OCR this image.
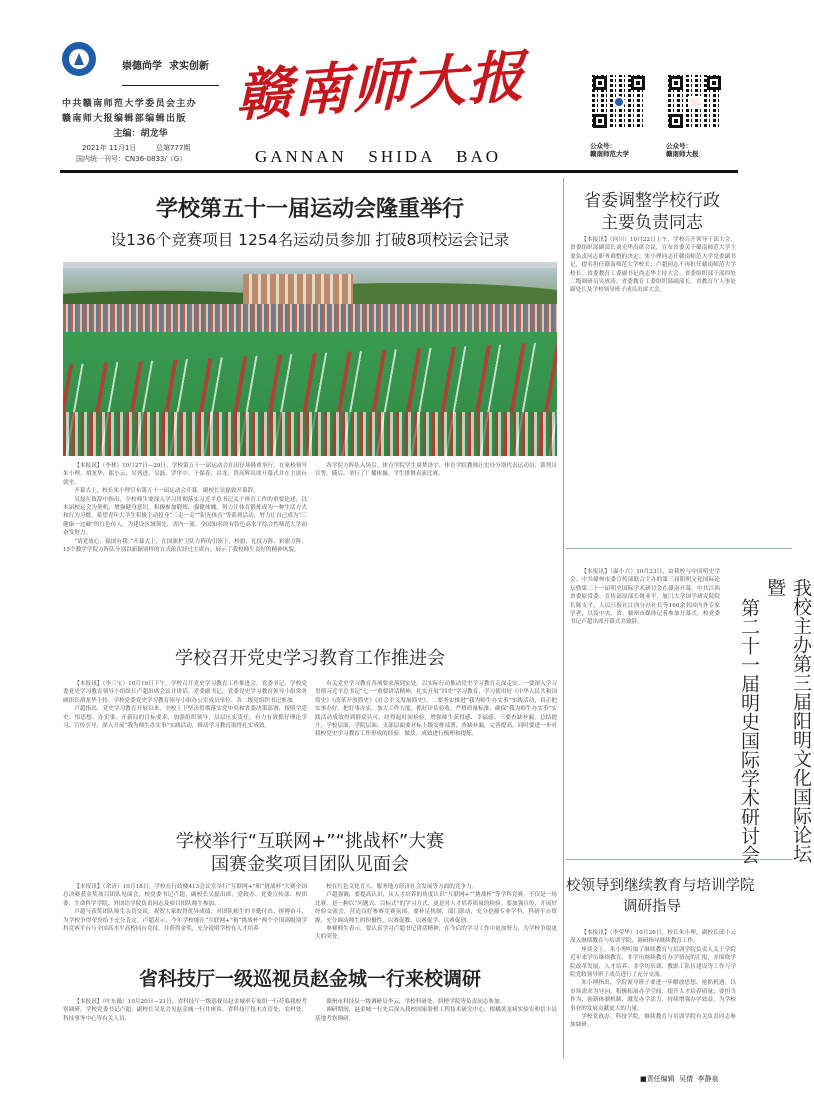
崇德尚学  求实创新
中共赣南师范大学委员会主办
赣南师大报编辑部编辑出版
主编：胡龙华
2021年 11月1日	总第777期
国内统一刊号：CN36-0833/（G）
赣南师大报
GANNAN   SHIDA   BAO
公众号：
赣南师范大学
公众号：
赣南师大报
学校第五十一届运动会隆重举行
设136个竞赛项目 1254名运动员参加 打破8项校运会记录

【本报讯】（李林）10月27日—29日，学校第五十一届运动会在田径场隆重举行。在家校领导朱小理、胡龙华、郎小云、吴列进、吴磊、罗序中、于保春、昌龙、曾高辉出席开幕式并在主席台就坐。

开幕式上，校长朱小理宣布第五十一届运动会开幕。副校长吴磊致开幕辞。

吴磊在致辞中指出，全校师生要深入学习贯彻落实习近平总书记关于体育工作的重要论述，以本届校运会为契机，增强健身意识，积极参加锻炼，强健体魄，努力让体育锻炼成为一种生活方式和行为习惯。希望青年大学生积极主动投身“三走一走”“阳光体育”等系列活动，努力让自己成为“三健康一过硬”的红色传人，为建设区域领先、省内一流、全国知名的有特色高水平综合性师范大学而奋发努力。

“请党放心，强国有我。”开幕式上，在国旗护卫队方阵的引领下，校旗、礼仪方阵、彩旗方阵、15个数学学院方阵队分别以新颖别样的方式依次经过主席台，展示了我校师生良好的精神风貌。

各学院方阵队入场后，体育学院学生周梦泽宇、体育学院教师汪宏玲分别代表运动员、裁判员宣誓。随后，举行了广播体操、学生排舞表演比赛。

学校召开党史学习教育工作推进会

【本报讯】（李三宝）10月19日下午，学校召开党史学习教育工作推进会。党委书记、学校党委党史学习教育领导小组组长卢超出席会议并讲话。党委副书记、党委党史学习教育领导小组常务副组长胡龙华主持。学校党委党史学习教育领导小组办公室成员单位、各二级党组织书记参加。

卢超指出，党史学习教育开展以来，全校上下坚决贯彻落实党中央和省委决策部署，按照学党史、悟思想、办实事、开新局的目标要求，加强组织领导，层层压实责任，有力有效抓好理论学习、宣传引导，深入开展“我为师生办实事”实践活动，推动学习教育取得扎实成效。

有关党史学习教育各项要求落到实处，以实际行动推动党史学习教育走深走实。一要深入学习贯彻习近平总书记“七一”重要讲话精神，扎实开展“四史”学习教育，学习使用好《中华人民共和国简史》《改革开放简史》《社会主义发展简史》。二要务实推进“我为师生办实事”实践活动，真正把实事办好、把好事办实。加大工作力度，抓好评估验收，严格质量标准，确保“我为师生办实事”实践活动成效得到群众认可、经得起时间检验，增强师生获得感、幸福感。三要查缺补漏，总结提升，学校层面、学院层面、支部层面要对标上级安排部署，查缺补漏，完善提高，同时要进一步对我校党史学习教育工作形成的经验、做法、成效进行梳理和提炼。

学校举行“互联网+”“挑战杯”大赛
国赛金奖项目团队见面会

【本报讯】（余济）10月18日，学校在行政楼413会议室举行“互联网+”和“挑战杯”大赛全国总决赛获金奖项目团队见面会，校党委书记卢超，副校长吴磊出席，党政办、党委宣传部、校团委、生命科学学院、外国语学院负责同志及项目团队师生参加。

卢超与获奖团队师生亲切交谈，祝贺大家取得优异成绩，对团队师生的辛勤付出、拼搏奋斗，为学校争得荣誉给予充分肯定。卢超表示，今年学校能在“互联网+”和“挑战杯”两个全国高级别学科竞赛平台与全国高水平高校同台竞技，并获得金奖，充分说明学校在人才培养

校在红色文化育人、服务地方经济社会发展等方面的竞争力。

卢超强调，要提高认识，从人才培养的角度认识“互联网+”“挑战杯”等学科竞赛，不仅是一场比赛，是一种以“问题式、目标式”的学习方式，更是对人才培养质量的检验。要加强宣传，开展好经验交流会，营造良好参赛竞赛氛围，要补足机制，部门联动，充分挖掘专业学科、科研平台资源，充分调动师生的积极性，以赛促教、以赛促学、以赛促创。

参赛师生表示，要认真学习卢超书记讲话精神，在今后的学习工作中更加努力，为学校争取更大的荣誉。

省科技厅一级巡视员赵金城一行来校调研

【本报讯】（叶东薇）10月20日—21日，省科技厅一级巡视员赵金城率专家组一行莅临我校考察调研。学校党委书记卢超，副校长吴龙会见赵金城一行并座谈。省科技厅技术直管处、农村处、科技事务中心等有关人员，

赣州市科技局一级调研员李云，学校科研处、脐橙学院等负责同志参加。

调研期间，赵金城一行先后深入我校国家脐橙工程技术研究中心、柑橘黄龙病实验室和信丰县基地考察调研。

省委调整学校行政
主要负责同志

【本报讯】（何川）10月22日上午，学校召开领导干部大会，省委组织部副部长刘光华出席会议，宣布省委关于赣南师范大学主要负责同志职务调整的决定：朱小理同志任赣南师范大学党委副书记，提名担任赣南师范大学校长；卢超同志不再担任赣南师范大学校长。省委教育工委副书记尚志华主持大会。省委组织部干部四处二级调研员吴成涛，省委教育工委组织部副部长，省教育厅人事处副处长及学校领导班子成员出席大会。

【本报讯】（温小兴）10月23日，由我校与中国明史学会、中共赣州市委宣传部联合主办的第三届阳明文化国际论坛暨第二十一届明史国际学术研讨会在赣南开幕。中共江西省委原常委、宣传部原部长姚亚平，厦门大学国学研究院院长陈支平，人民日报社江西分社社长等160余名国内外专家学者，以及中央、省、赣州市媒体记者参加开幕式。校党委书记卢超出席开幕式并致辞。	我校主办第三届阳明文化国际论坛暨
第二十一届明史国际学术研讨会
校领导到继续教育与培训学院
调研指导

【本报讯】（李荣华）10月26日，校长朱小理，副校长邱小云深入继续教育与培训学院，调研指导继续教育工作。

座谈会上，朱小理听取了继续教育与培训学院负责人关于学院近年来学历继续教育、非学历继续教育办学情况的汇报，并围绕学院改革发展、人才培养、非学历培训、教职工队伍建设等工作与学院党政领导班子成员进行了充分交流。

朱小理指出，学院领导班子要进一步解放思想、抢抓机遇，以市场需求为导向，积极拓展办学空间，提升人才培养质量；要担当作为，创新体制机制，激发办学活力，持续增强办学效益，为学校事业的发展贡献更大的力量。

学校党政办、科技学院、继续教育与培训学院有关负责同志参加调研。

■责任编辑  吴倩  李静泉
